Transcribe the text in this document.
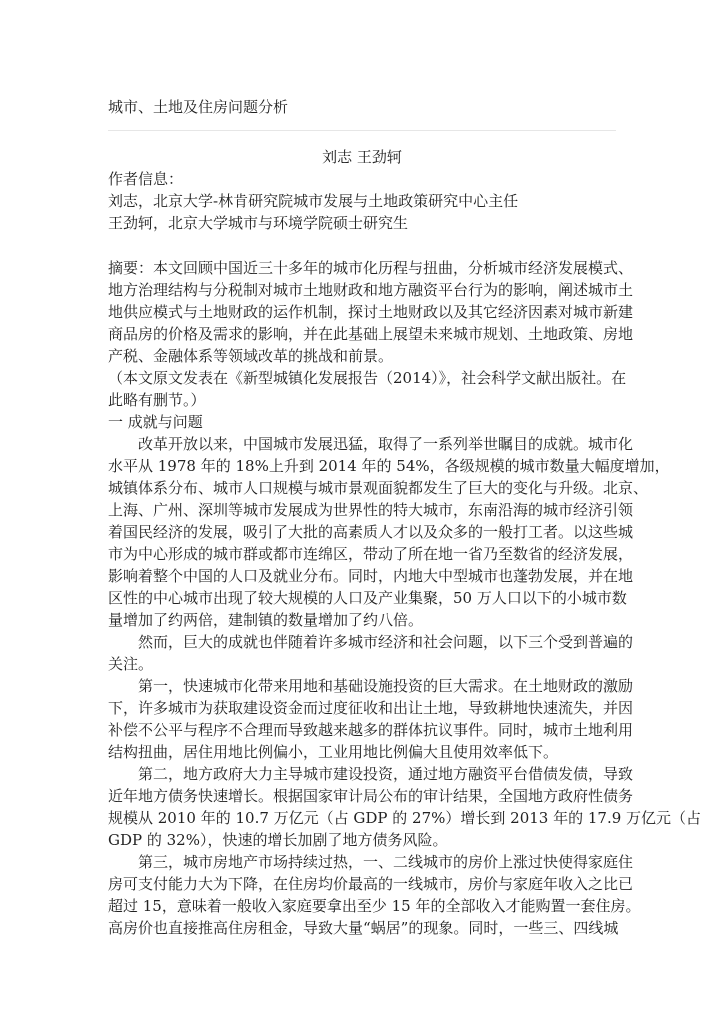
城市、土地及住房问题分析
刘志 王劲轲
作者信息：
刘志，北京大学-林肯研究院城市发展与土地政策研究中心主任
王劲轲，北京大学城市与环境学院硕士研究生
摘要：本文回顾中国近三十多年的城市化历程与扭曲，分析城市经济发展模式、
地方治理结构与分税制对城市土地财政和地方融资平台行为的影响，阐述城市土
地供应模式与土地财政的运作机制，探讨土地财政以及其它经济因素对城市新建
商品房的价格及需求的影响，并在此基础上展望未来城市规划、土地政策、房地
产税、金融体系等领域改革的挑战和前景。
（本文原文发表在《新型城镇化发展报告（2014）》，社会科学文献出版社。在
此略有删节。）
一 成就与问题
改革开放以来，中国城市发展迅猛，取得了一系列举世瞩目的成就。城市化
水平从 1978 年的 18%上升到 2014 年的 54%，各级规模的城市数量大幅度增加，
城镇体系分布、城市人口规模与城市景观面貌都发生了巨大的变化与升级。北京、
上海、广州、深圳等城市发展成为世界性的特大城市，东南沿海的城市经济引领
着国民经济的发展，吸引了大批的高素质人才以及众多的一般打工者。以这些城
市为中心形成的城市群或都市连绵区，带动了所在地一省乃至数省的经济发展，
影响着整个中国的人口及就业分布。同时，内地大中型城市也蓬勃发展，并在地
区性的中心城市出现了较大规模的人口及产业集聚，50 万人口以下的小城市数
量增加了约两倍，建制镇的数量增加了约八倍。
然而，巨大的成就也伴随着许多城市经济和社会问题，以下三个受到普遍的
关注。
第一，快速城市化带来用地和基础设施投资的巨大需求。在土地财政的激励
下，许多城市为获取建设资金而过度征收和出让土地，导致耕地快速流失，并因
补偿不公平与程序不合理而导致越来越多的群体抗议事件。同时，城市土地利用
结构扭曲，居住用地比例偏小，工业用地比例偏大且使用效率低下。
第二，地方政府大力主导城市建设投资，通过地方融资平台借债发债，导致
近年地方债务快速增长。根据国家审计局公布的审计结果，全国地方政府性债务
规模从 2010 年的 10.7 万亿元（占 GDP 的 27%）增长到 2013 年的 17.9 万亿元（占
GDP 的 32%），快速的增长加剧了地方债务风险。
第三，城市房地产市场持续过热，一、二线城市的房价上涨过快使得家庭住
房可支付能力大为下降，在住房均价最高的一线城市，房价与家庭年收入之比已
超过 15，意味着一般收入家庭要拿出至少 15 年的全部收入才能购置一套住房。
高房价也直接推高住房租金，导致大量“蜗居”的现象。同时，一些三、四线城
